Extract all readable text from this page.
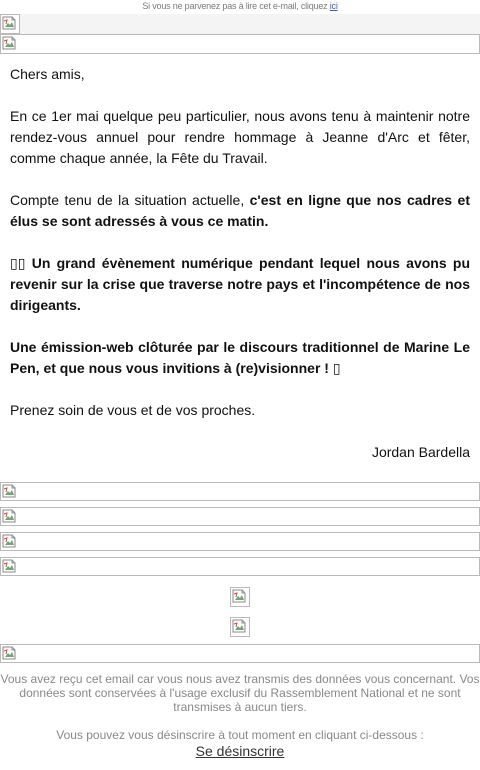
Si vous ne parvenez pas à lire cet e-mail, cliquez ici

Chers amis,

En ce 1er mai quelque peu particulier, nous avons tenu à maintenir notre rendez-vous annuel pour rendre hommage à Jeanne d'Arc et fêter, comme chaque année, la Fête du Travail.

Compte tenu de la situation actuelle, c'est en ligne que nos cadres et élus se sont adressés à vous ce matin.

▯▯ Un grand évènement numérique pendant lequel nous avons pu revenir sur la crise que traverse notre pays et l'incompétence de nos dirigeants.

Une émission-web clôturée par le discours traditionnel de Marine Le Pen, et que nous vous invitions à (re)visionner ! ▯

Prenez soin de vous et de vos proches.

Jordan Bardella

Vous avez reçu cet email car vous nous avez transmis des données vous concernant. Vos données sont conservées à l'usage exclusif du Rassemblement National et ne sont transmises à aucun tiers.
Vous pouvez vous désinscrire à tout moment en cliquant ci-dessous :
Se désinscrire
